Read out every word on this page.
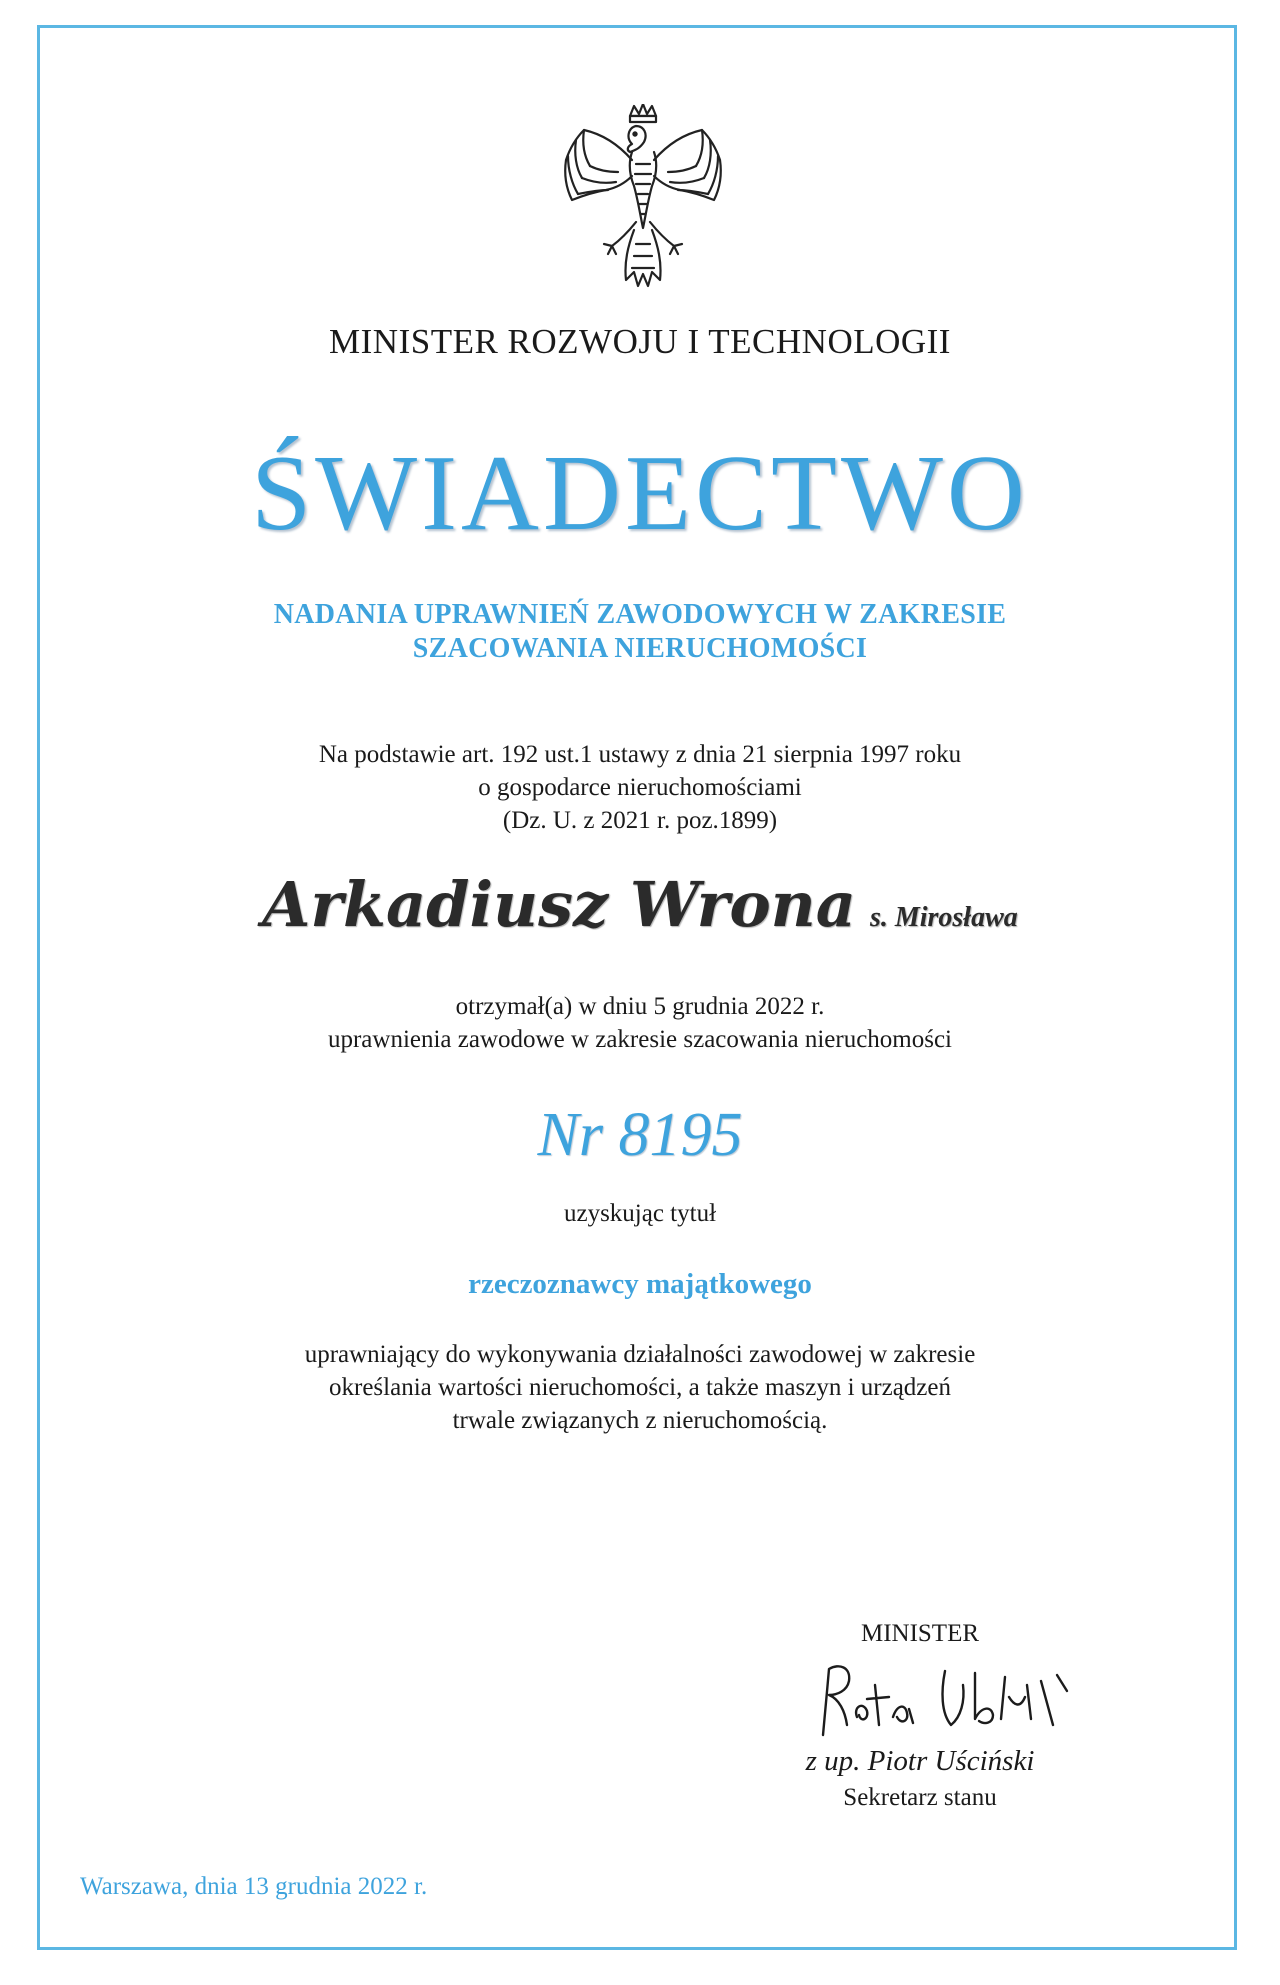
MINISTER ROZWOJU I TECHNOLOGII

ŚWIADECTWO

NADANIA UPRAWNIEŃ ZAWODOWYCH W ZAKRESIE
SZACOWANIA NIERUCHOMOŚCI
Na podstawie art. 192 ust.1 ustawy z dnia 21 sierpnia 1997 roku
o gospodarce nieruchomościami
(Dz. U. z 2021 r. poz.1899)
Arkadiusz Wrona s. Mirosława
otrzymał(a) w dniu 5 grudnia 2022 r.
uprawnienia zawodowe w zakresie szacowania nieruchomości

Nr 8195

uzyskując tytuł

rzeczoznawcy majątkowego

uprawniający do wykonywania działalności zawodowej w zakresie
określania wartości nieruchomości, a także maszyn i urządzeń
trwale związanych z nieruchomością.
MINISTER
z up. Piotr Uściński
Sekretarz stanu
Warszawa, dnia 13 grudnia 2022 r.
